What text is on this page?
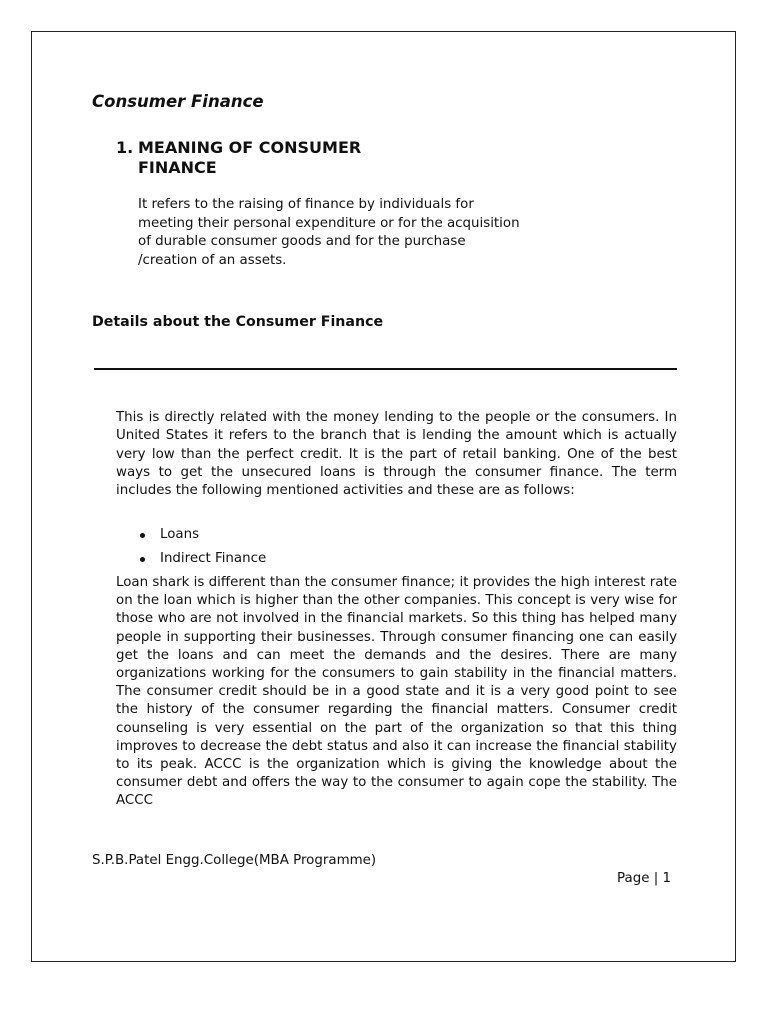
Consumer Finance
1. MEANING OF CONSUMER FINANCE

It refers to the raising of finance by individuals for meeting their personal expenditure or for the acquisition of durable consumer goods and for the purchase /creation of an assets.

Details about the Consumer Finance

This is directly related with the money lending to the people or the consumers. In United States it refers to the branch that is lending the amount which is actually very low than the perfect credit. It is the part of retail banking. One of the best ways to get the unsecured loans is through the consumer finance. The term includes the following mentioned activities and these are as follows:

Loans
Indirect Finance

Loan shark is different than the consumer finance; it provides the high interest rate on the loan which is higher than the other companies. This concept is very wise for those who are not involved in the financial markets. So this thing has helped many people in supporting their businesses. Through consumer financing one can easily get the loans and can meet the demands and the desires. There are many organizations working for the consumers to gain stability in the financial matters. The consumer credit should be in a good state and it is a very good point to see the history of the consumer regarding the financial matters. Consumer credit counseling is very essential on the part of the organization so that this thing improves to decrease the debt status and also it can increase the financial stability to its peak. ACCC is the organization which is giving the knowledge about the consumer debt and offers the way to the consumer to again cope the stability. The ACCC

S.P.B.Patel Engg.College(MBA Programme)

Page | 1
